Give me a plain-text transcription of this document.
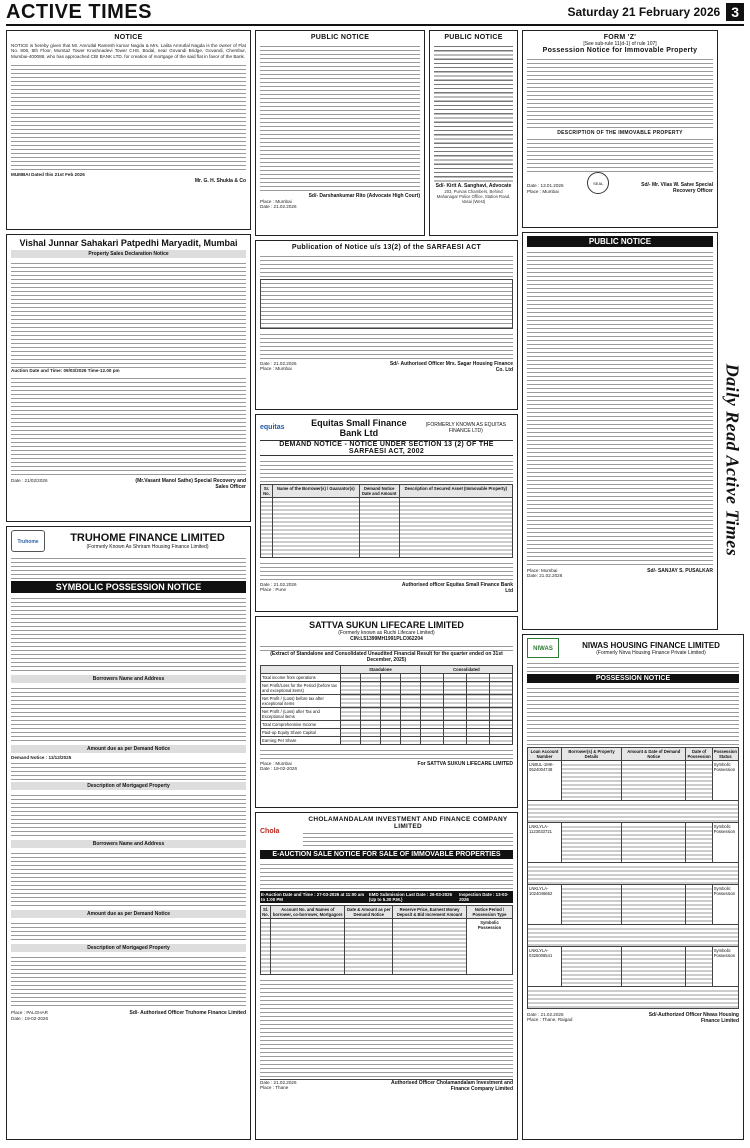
ACTIVE TIMES	Saturday 21 February 2026 3
NOTICE
NOTICE is hereby given that Mr. Amrutlal Ramesh kumar Nagda & Mrs. Lalita Amrutlal Nagda is the owner of Flat No. 806, 8th Floor, Mumtaz Tower Krushnadevi Tower CHS. Bodal, near Govandi Bridge, Govandi, Chembur, Mumbai-400088, who has approached CBI BANK LTD. for creation of mortgage of the said flat in favor of the Bank.
MUMBAI Dated this 21st Feb 2026
Mr. G. H. Shukla & Co
Vishal Junnar Sahakari Patpedhi Maryadit, Mumbai
Property Sales Declaration Notice
Auction Date and Time: 09/03/2026 Time-12.00 pm
Date : 21/02/2026	(Mr.Vasant Manol Sathe) Special Recovery and Sales Officer
Truhome	TRUHOME FINANCE LIMITED
(Formerly Known As Shriram Housing Finance Limited)
SYMBOLIC POSSESSION NOTICE
Borrowers Name and Address
Amount due as per Demand Notice
Demand Notice : 11/12/2025
Description of Mortgaged Property
Borrowers Name and Address
Amount due as per Demand Notice
Description of Mortgaged Property
Place : PALGHAR
Date : 19-02-2026
Sd/- Authorised Officer Truhome Finance Limited
PUBLIC NOTICE
Sd/- Darshankumar Rito (Advocate High Court)
Place : Mumbai
Date : 21.02.2026
PUBLIC NOTICE
Sd/- Kirit A. Sanghavi, Advocate
203, Purvas Chambers, Behind Mahanagar Police Office, Station Road, Vasai (West)
Publication of Notice u/s 13(2) of the SARFAESI ACT
Date : 21.02.2026
Place : Mumbai
Sd/- Authorised Officer Mrs. Sagar Housing Finance Co. Ltd
equitas	Equitas Small Finance Bank Ltd
(FORMERLY KNOWN AS EQUITAS FINANCE LTD)
DEMAND NOTICE - NOTICE UNDER SECTION 13 (2) OF THE SARFAESI ACT, 2002
Sr. No.	Name of the Borrower(s) / Guarantor(s)	Demand Notice Date and Amount	Description of Secured Asset (Immovable Property)

Date : 21.02.2026
Place : Pune
Authorised officer Equitas Small Finance Bank Ltd
SATTVA SUKUN LIFECARE LIMITED
(Formerly known as Ruchi Lifecare Limited)
CIN:L51399MH1991PLC062204
(Extract of Standalone and Consolidated Unaudited Financial Result for the quarter ended on 31st December, 2025)
	Standalone				Consolidated			
Total income from operations								
Net Profit/Loss for the Period (before tax and exceptional items)								
Net Profit / (Loss) before tax after exceptional items								
Net Profit / (Loss) after Tax and Exceptional items								
Total Comprehensive Income								
Paid-up Equity Share Capital								
Earning Per Share								
Place : Mumbai
Date : 19-02-2026
For SATTVA SUKUN LIFECARE LIMITED
Chola
CHOLAMANDALAM INVESTMENT AND FINANCE COMPANY LIMITED
E-AUCTION SALE NOTICE FOR SALE OF IMMOVABLE PROPERTIES
E-Auction Date and Time : 27-03-2026 at 11:00 am to 1:00 PM
EMD Submission Last Date : 26-03-2026 (Up to 5.30 P.M.)
Inspection Date : 13-03-2026
Sl. No.	Account No. and Names of borrower, co-borrower, Mortgagors	Date & Amount as per Demand Notice	Reserve Price, Earnest Money Deposit & Bid Increment Amount	Notice Period / Possession Type
				Symbolic Possession
Date : 21.02.2026
Place : Thane
Authorised Officer Cholamandalam Investment and Finance Company Limited
FORM 'Z'
[See sub-rule 11(d-1) of rule 107]
Possession Notice for Immovable Property
DESCRIPTION OF THE IMMOVABLE PROPERTY
Date : 13.01.2026
Place : Mumbai
SEAL	Sd/- Mr. Vilas W. Satve Special Recovery Officer
PUBLIC NOTICE
Place: Mumbai
Date: 21.02.2026
Sd/- SANJAY S. PUSALKAR
NIWAS	NIWAS HOUSING FINANCE LIMITED
(Formerly Nirva Housing Finance Private Limited)
POSSESSION NOTICE
Loan Account Number	Borrower(s) & Property Details	Amount & Date of Demand Notice	Date of Possession	Possession Status
LNBUL-1MK-0524004748				Symbolic Possession

LNKLYLA-1123033721				Symbolic Possession

LNKLYLA-1024046662				Symbolic Possession

LNKLYLA-0325008541				Symbolic Possession

Date : 21.02.2026
Place : Thane, Raigad
Sd/-Authorized Officer Niwas Housing Finance Limited
Daily Read Active Times
